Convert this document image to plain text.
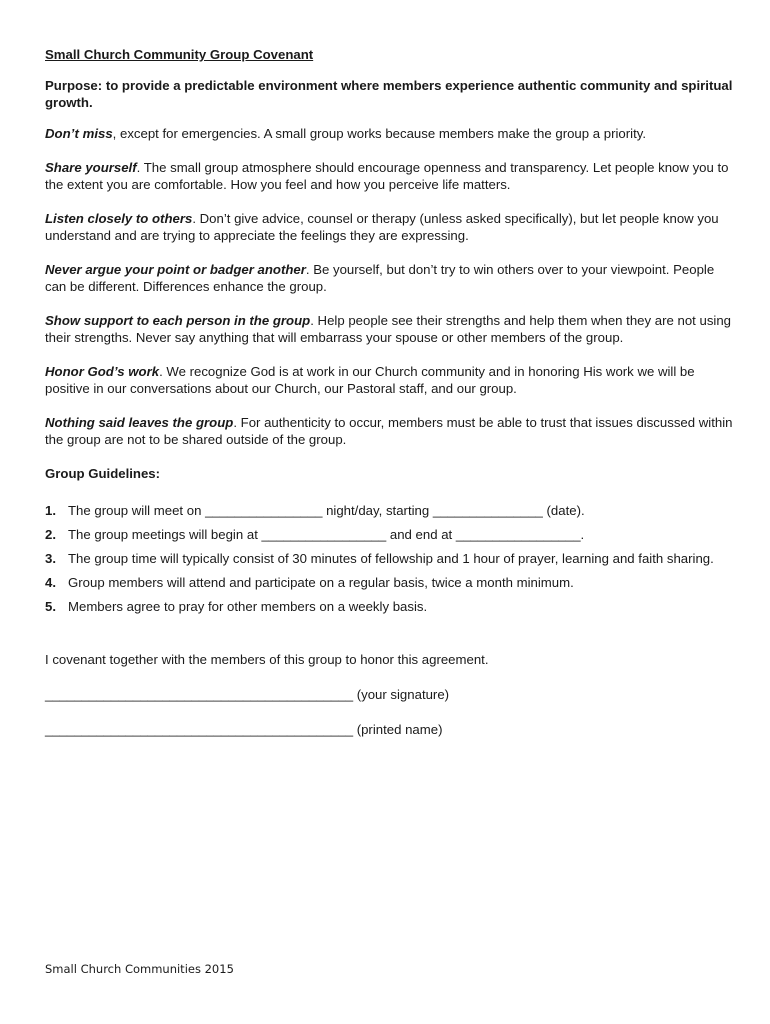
Small Church Community Group Covenant
Purpose: to provide a predictable environment where members experience authentic community and spiritual growth.
Don’t miss, except for emergencies. A small group works because members make the group a priority.
Share yourself. The small group atmosphere should encourage openness and transparency. Let people know you to the extent you are comfortable. How you feel and how you perceive life matters.
Listen closely to others. Don’t give advice, counsel or therapy (unless asked specifically), but let people know you understand and are trying to appreciate the feelings they are expressing.
Never argue your point or badger another. Be yourself, but don’t try to win others over to your viewpoint. People can be different. Differences enhance the group.
Show support to each person in the group. Help people see their strengths and help them when they are not using their strengths. Never say anything that will embarrass your spouse or other members of the group.
Honor God’s work. We recognize God is at work in our Church community and in honoring His work we will be positive in our conversations about our Church, our Pastoral staff, and our group.
Nothing said leaves the group. For authenticity to occur, members must be able to trust that issues discussed within the group are not to be shared outside of the group.
Group Guidelines:
1. The group will meet on ________________ night/day, starting _______________ (date).
2. The group meetings will begin at _________________ and end at _________________.
3. The group time will typically consist of 30 minutes of fellowship and 1 hour of prayer, learning and faith sharing.
4. Group members will attend and participate on a regular basis, twice a month minimum.
5. Members agree to pray for other members on a weekly basis.
I covenant together with the members of this group to honor this agreement.
__________________________________________ (your signature)
__________________________________________ (printed name)
Small Church Communities 2015
